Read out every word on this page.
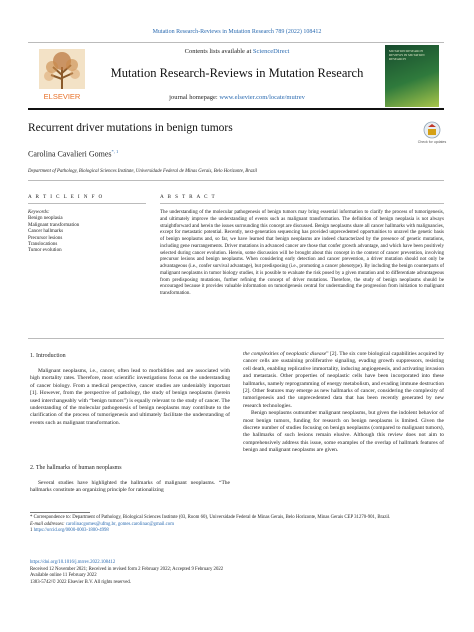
Mutation Research-Reviews in Mutation Research 789 (2022) 108412
ELSEVIER
Contents lists available at ScienceDirect
Mutation Research-Reviews in Mutation Research
journal homepage: www.elsevier.com/locate/mutrev
MUTATION RESEARCH REVIEWS IN MUTATION RESEARCH
Recurrent driver mutations in benign tumors
Check for updates
Carolina Cavalieri Gomes$^{*, 1}$
Department of Pathology, Biological Sciences Institute, Universidade Federal de Minas Gerais, Belo Horizonte, Brazil
A R T I C L E I N F O	A B S T R A C T
Keywords:
Benign neoplasia
Malignant transformation
Cancer hallmarks
Precursor lesions
Translocations
Tumor evolution
The understanding of the molecular pathogenesis of benign tumors may bring essential information to clarify the process of tumorigenesis, and ultimately improve the understanding of events such as malignant transformation. The definition of benign neoplasia is not always straightforward and herein the issues surrounding this concept are discussed. Benign neoplasms share all cancer hallmarks with malignancies, except for metastatic potential. Recently, next-generation sequencing has provided unprecedented opportunities to unravel the genetic basis of benign neoplasms and, so far, we have learned that benign neoplasms are indeed characterized by the presence of genetic mutations, including gene rearrangements. Driver mutations in advanced cancer are those that confer growth advantage, and which have been positively selected during cancer evolution. Herein, some discussion will be brought about this concept in the context of cancer prevention, involving precursor lesions and benign neoplasms. When considering early detection and cancer prevention, a driver mutation should not only be advantageous (i.e., confer survival advantage), but predisposing (i.e., promoting a cancer phenotype). By including the benign counterparts of malignant neoplasms in tumor biology studies, it is possible to evaluate the risk posed by a given mutation and to differentiate advantageous from predisposing mutations, further refining the concept of driver mutations. Therefore, the study of benign neoplasms should be encouraged because it provides valuable information on tumorigenesis central for understanding the progression from initiation to malignant transformation.
1. Introduction
Malignant neoplasms, i.e., cancer, often lead to morbidities and are associated with high mortality rates. Therefore, most scientific investigations focus on the understanding of cancer biology. From a medical perspective, cancer studies are undeniably important [1]. However, from the perspective of pathology, the study of benign neoplasms (herein used interchangeably with “benign tumors”) is equally relevant to the study of cancer. The understanding of the molecular pathogenesis of benign neoplasms may contribute to the clarification of the process of tumorigenesis and ultimately facilitate the understanding of events such as malignant transformation.
2. The hallmarks of human neoplasms
Several studies have highlighted the hallmarks of malignant neoplasms. “The hallmarks constitute an organizing principle for rationalizing

the complexities of neoplastic disease” [2]. The six core biological capabilities acquired by cancer cells are sustaining proliferative signaling, evading growth suppressors, resisting cell death, enabling replicative immortality, inducing angiogenesis, and activating invasion and metastasis. Other properties of neoplastic cells have been incorporated into these hallmarks, namely reprogramming of energy metabolism, and evading immune destruction [2]. Other features may emerge as new hallmarks of cancer, considering the complexity of tumorigenesis and the unprecedented data that has been recently generated by new research technologies.

Benign neoplasms outnumber malignant neoplasms, but given the indolent behavior of most benign tumors, funding for research on benign neoplasms is limited. Given the discrete number of studies focusing on benign neoplasms (compared to malignant tumors), the hallmarks of such lesions remain elusive. Although this review does not aim to comprehensively address this issue, some examples of the overlap of hallmark features of benign and malignant neoplasms are given.

* Correspondence to: Department of Pathology, Biological Sciences Institute (03, Room 60), Universidade Federal de Minas Gerais, Belo Horizonte, Minas Gerais CEP 31270-901, Brazil.
E-mail addresses: carolinacgomes@ufmg.br, gomes.carolinac@gmail.com
1 https://orcid.org/0000-0003-1800-4998
https://doi.org/10.1016/j.mrrev.2022.108412
Received 12 November 2021; Received in revised form 2 February 2022; Accepted 9 February 2022
Available online 11 February 2022
1383-5742/© 2022 Elsevier B.V. All rights reserved.
